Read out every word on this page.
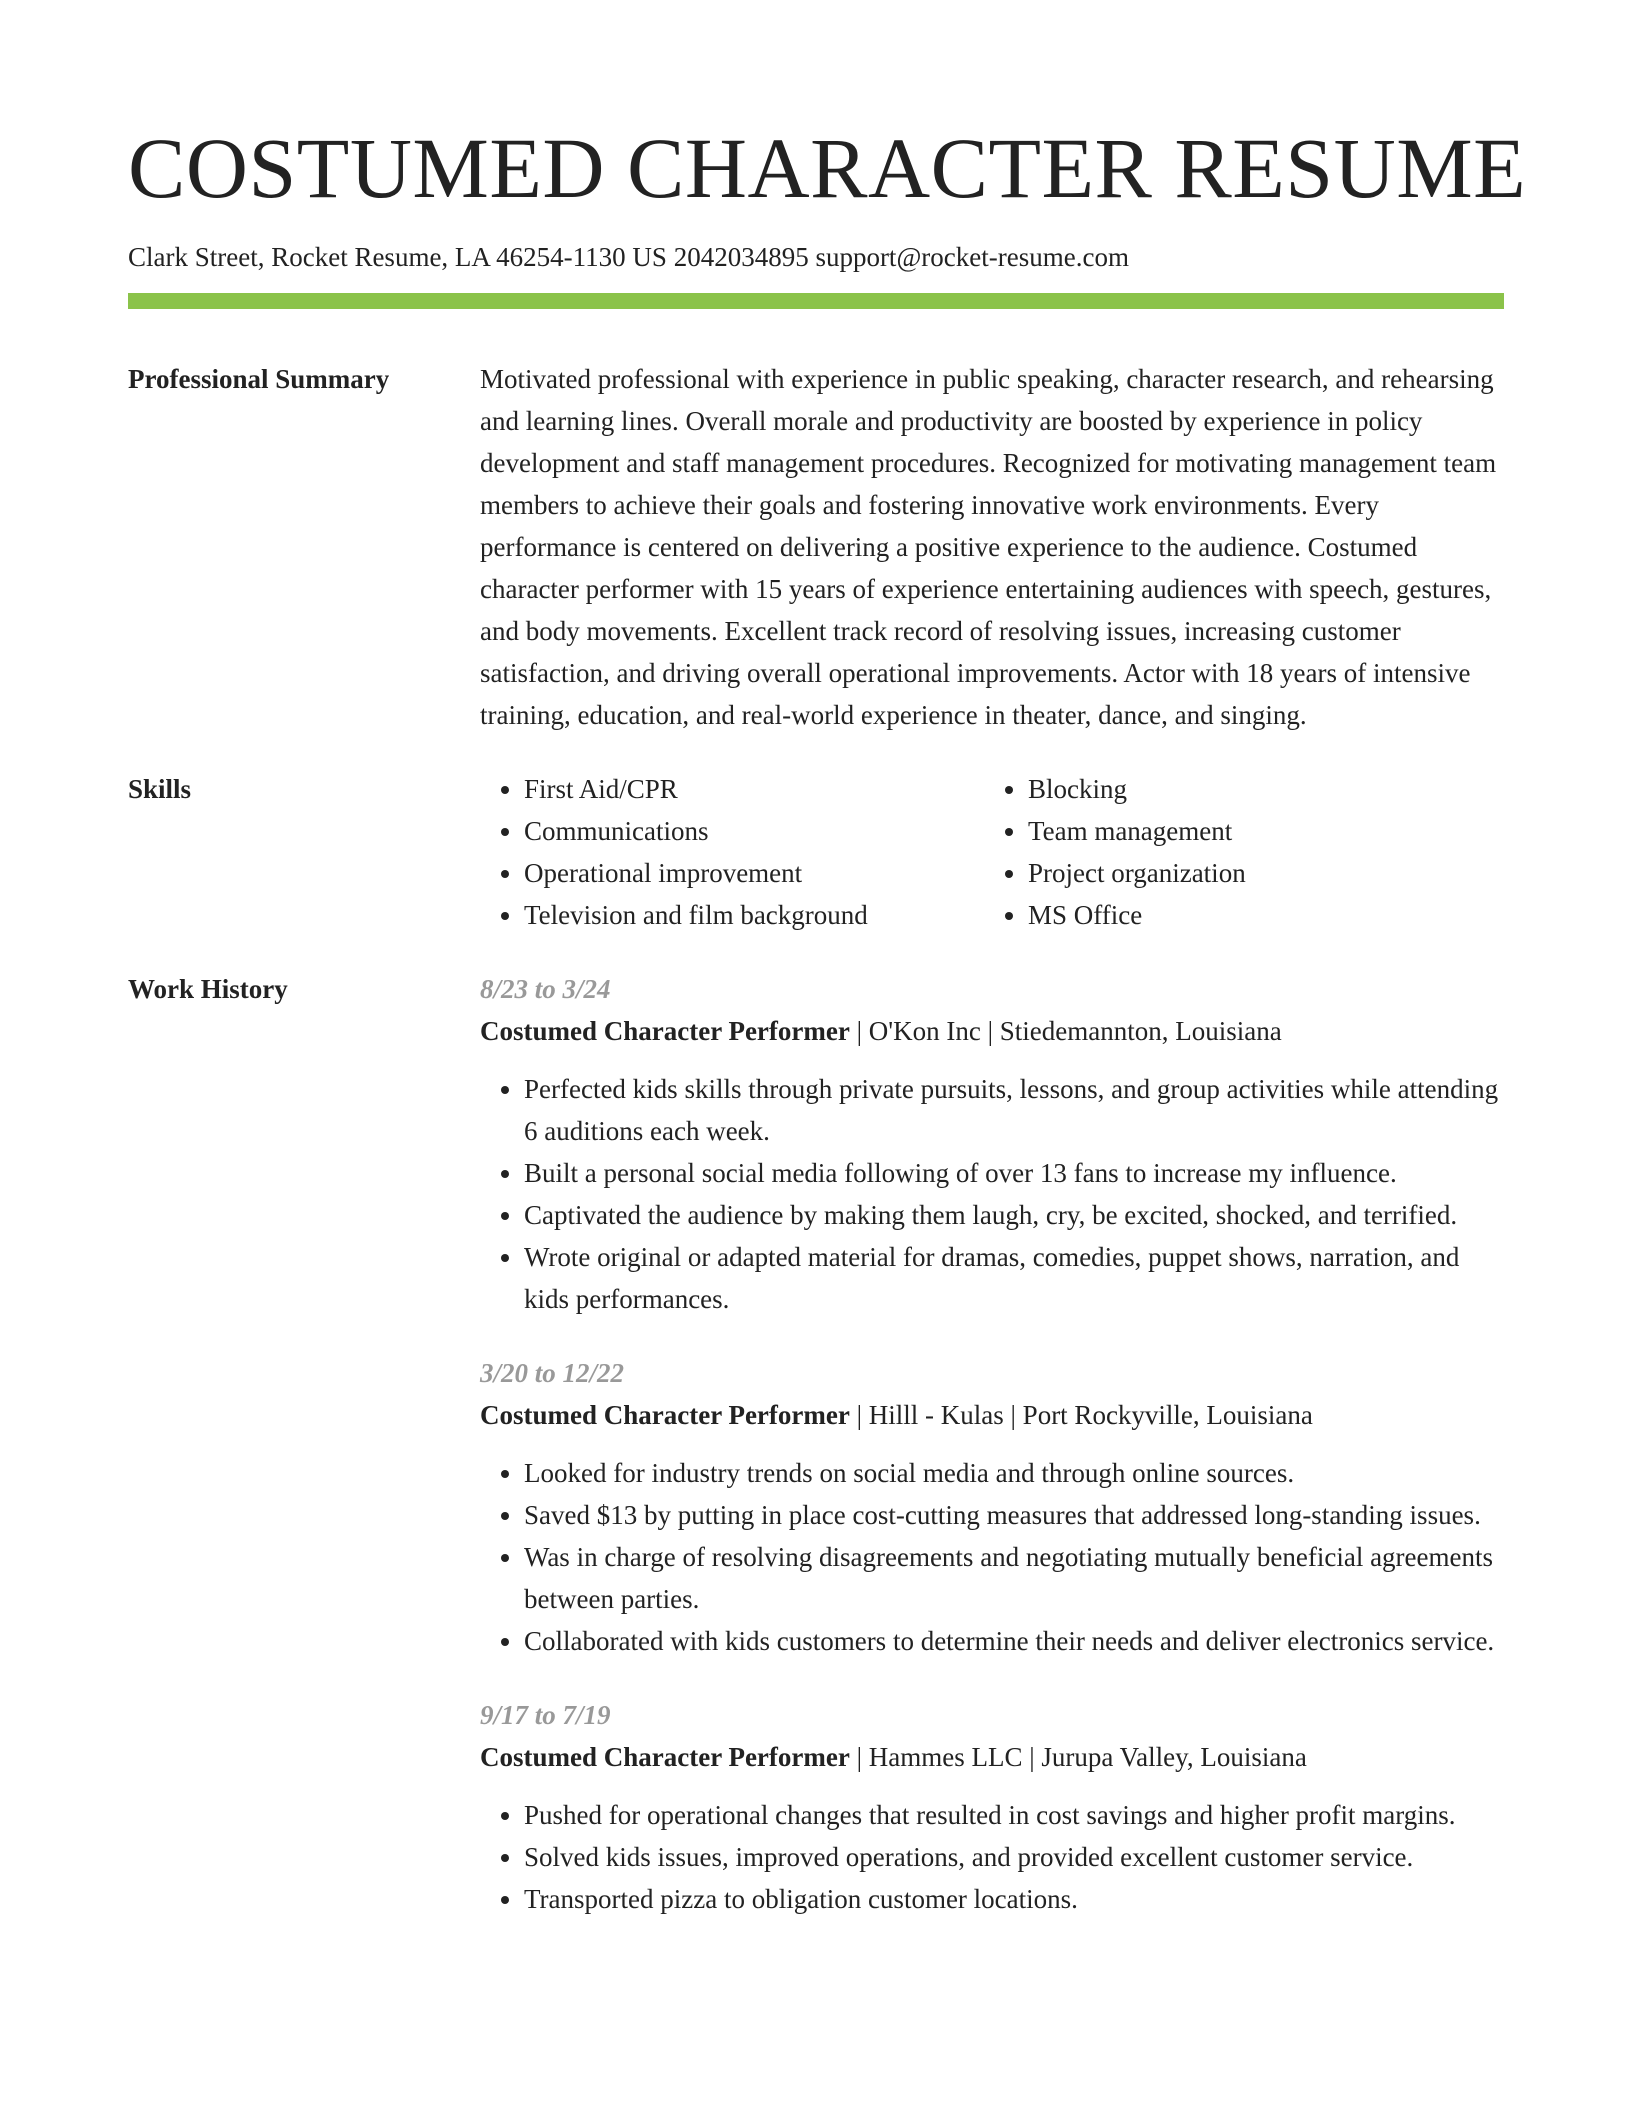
COSTUMED CHARACTER RESUME
Clark Street, Rocket Resume, LA 46254-1130 US 2042034895 support@rocket-resume.com
Professional Summary	Motivated professional with experience in public speaking, character research, and rehearsing and learning lines. Overall morale and productivity are boosted by experience in policy development and staff management procedures. Recognized for motivating management team members to achieve their goals and fostering innovative work environments. Every performance is centered on delivering a positive experience to the audience. Costumed character performer with 15 years of experience entertaining audiences with speech, gestures, and body movements. Excellent track record of resolving issues, increasing customer satisfaction, and driving overall operational improvements. Actor with 18 years of intensive training, education, and real-world experience in theater, dance, and singing.

Skills
•	First Aid/CPR
• Communications
• Operational improvement
• Television and film background
• Blocking
• Team management
• Project organization
• MS Office
Work History	8/23 to 3/24
Costumed Character Performer | O'Kon Inc | Stiedemannton, Louisiana
• Perfected kids skills through private pursuits, lessons, and group activities while attending 6 auditions each week.
• Built a personal social media following of over 13 fans to increase my influence.
• Captivated the audience by making them laugh, cry, be excited, shocked, and terrified.
• Wrote original or adapted material for dramas, comedies, puppet shows, narration, and kids performances.
3/20 to 12/22
Costumed Character Performer | Hilll - Kulas | Port Rockyville, Louisiana
• Looked for industry trends on social media and through online sources.
• Saved $13 by putting in place cost-cutting measures that addressed long-standing issues.
• Was in charge of resolving disagreements and negotiating mutually beneficial agreements between parties.
• Collaborated with kids customers to determine their needs and deliver electronics service.
9/17 to 7/19
Costumed Character Performer | Hammes LLC | Jurupa Valley, Louisiana
• Pushed for operational changes that resulted in cost savings and higher profit margins.
• Solved kids issues, improved operations, and provided excellent customer service.
• Transported pizza to obligation customer locations.
